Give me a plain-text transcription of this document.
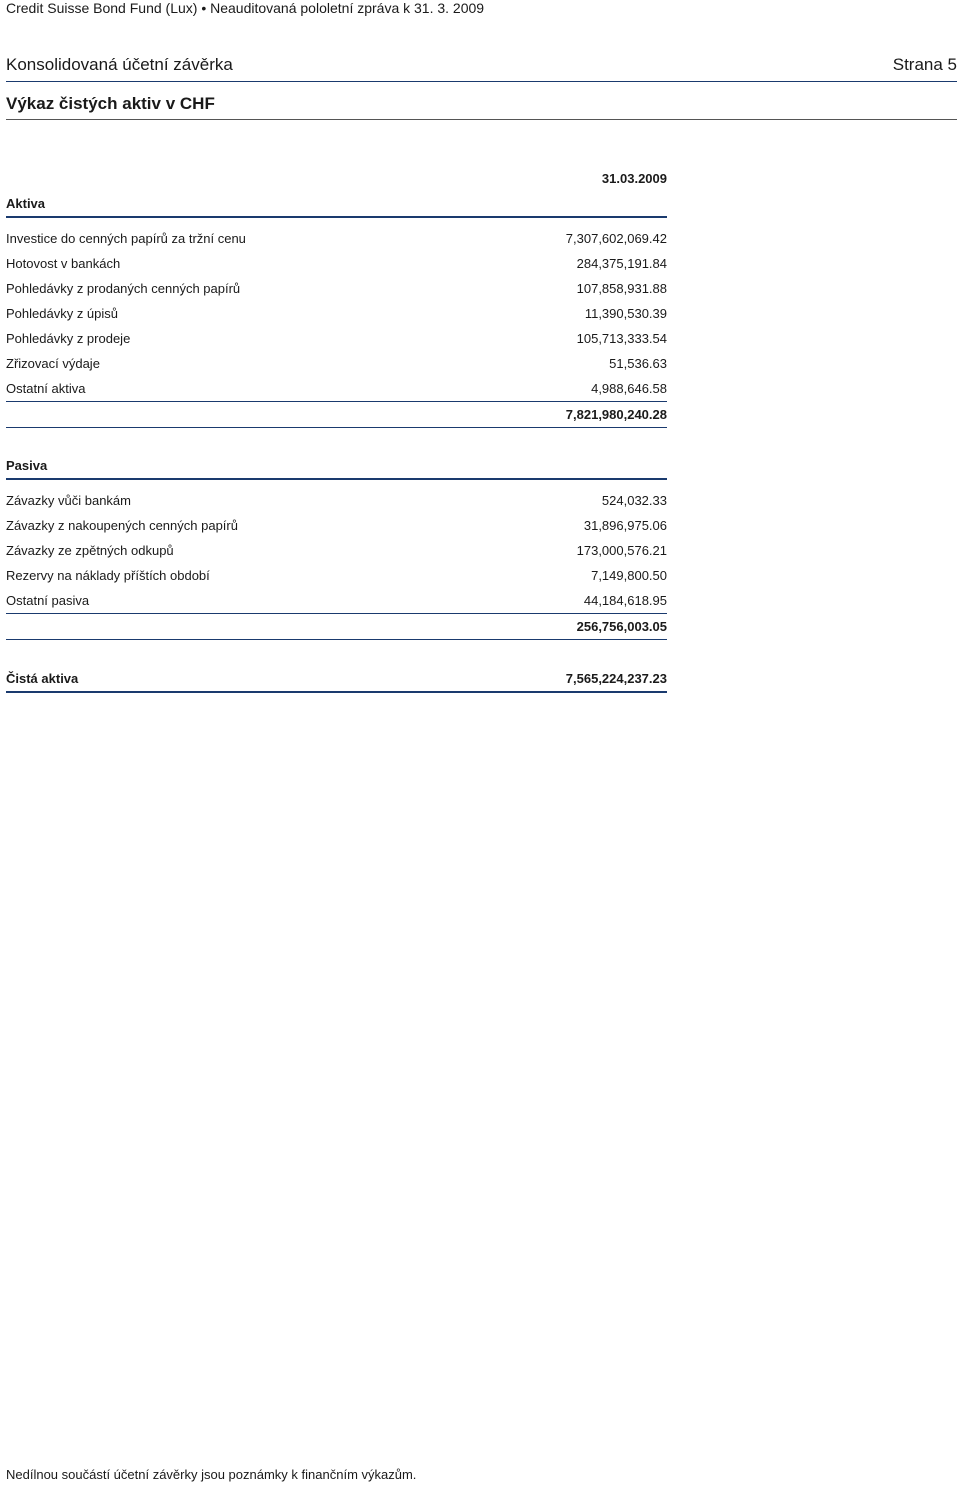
Credit Suisse Bond Fund (Lux) • Neauditovaná pololetní zpráva k 31. 3. 2009
Konsolidovaná účetní závěrka	Strana 5
Výkaz čistých aktiv v CHF
31.03.2009
Aktiva
Investice do cenných papírů za tržní cenu	7,307,602,069.42
Hotovost v bankách	284,375,191.84
Pohledávky z prodaných cenných papírů	107,858,931.88
Pohledávky z úpisů	11,390,530.39
Pohledávky z prodeje	105,713,333.54
Zřizovací výdaje	51,536.63
Ostatní aktiva	4,988,646.58
7,821,980,240.28
Pasiva
Závazky vůči bankám	524,032.33
Závazky z nakoupených cenných papírů	31,896,975.06
Závazky ze zpětných odkupů	173,000,576.21
Rezervy na náklady příštích období	7,149,800.50
Ostatní pasiva	44,184,618.95
256,756,003.05
Čistá aktiva	7,565,224,237.23
Nedílnou součástí účetní závěrky jsou poznámky k finančním výkazům.
